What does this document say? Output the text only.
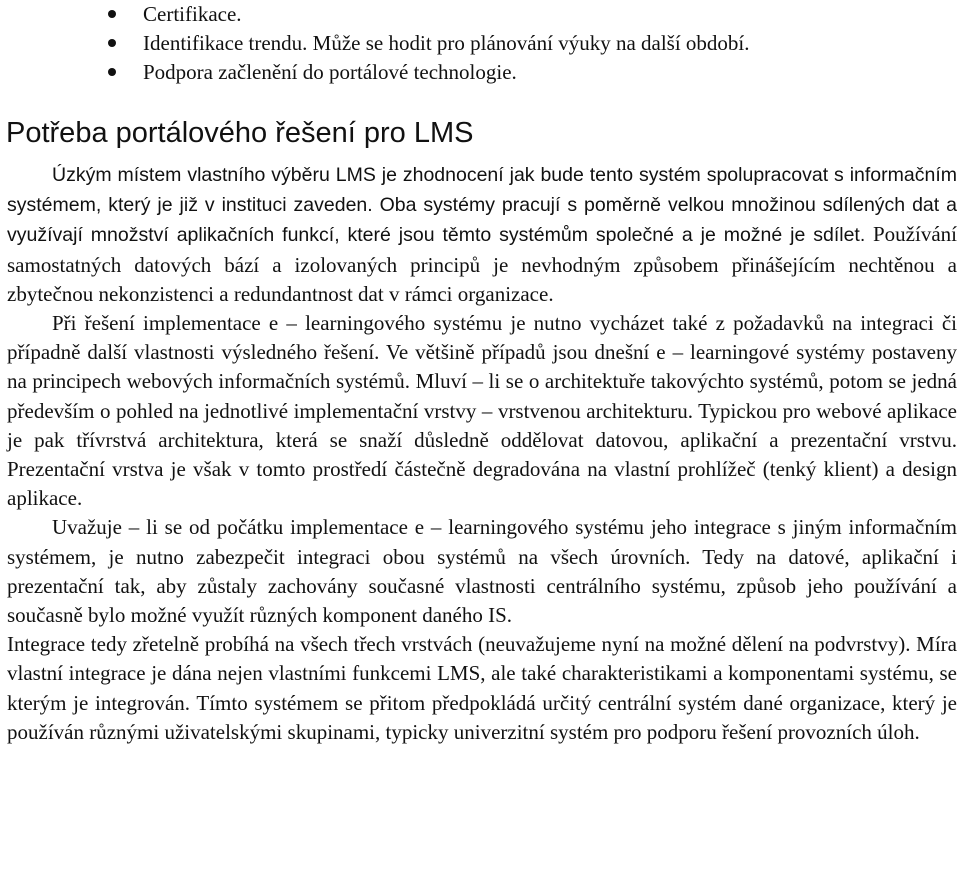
Certifikace.
Identifikace trendu. Může se hodit pro plánování výuky na další období.
Podpora začlenění do portálové technologie.
Potřeba portálového řešení pro LMS

Úzkým místem vlastního výběru LMS je zhodnocení jak bude tento systém spolupracovat s informačním systémem, který je již v instituci zaveden. Oba systémy pracují s poměrně velkou množinou sdílených dat a využívají množství aplikačních funkcí, které jsou těmto systémům společné a je možné je sdílet. Používání samostatných datových bází a izolovaných principů je nevhodným způsobem přinášejícím nechtěnou a zbytečnou nekonzistenci a redundantnost dat v rámci organizace.

Při řešení implementace e – learningového systému je nutno vycházet také z požadavků na integraci či případně další vlastnosti výsledného řešení. Ve většině případů jsou dnešní e – learningové systémy postaveny na principech webových informačních systémů. Mluví – li se o architektuře takovýchto systémů, potom se jedná především o pohled na jednotlivé implementační vrstvy – vrstvenou architekturu. Typickou pro webové aplikace je pak třívrstvá architektura, která se snaží důsledně oddělovat datovou, aplikační a prezentační vrstvu. Prezentační vrstva je však v tomto prostředí částečně degradována na vlastní prohlížeč (tenký klient) a design aplikace.

Uvažuje – li se od počátku implementace e – learningového systému jeho integrace s jiným informačním systémem, je nutno zabezpečit integraci obou systémů na všech úrovních. Tedy na datové, aplikační i prezentační tak, aby zůstaly zachovány současné vlastnosti centrálního systému, způsob jeho používání a současně bylo možné využít různých komponent daného IS.

Integrace tedy zřetelně probíhá na všech třech vrstvách (neuvažujeme nyní na možné dělení na podvrstvy). Míra vlastní integrace je dána nejen vlastními funkcemi LMS, ale také charakteristikami a komponentami systému, se kterým je integrován. Tímto systémem se přitom předpokládá určitý centrální systém dané organizace, který je používán různými uživatelskými skupinami, typicky univerzitní systém pro podporu řešení provozních úloh.
